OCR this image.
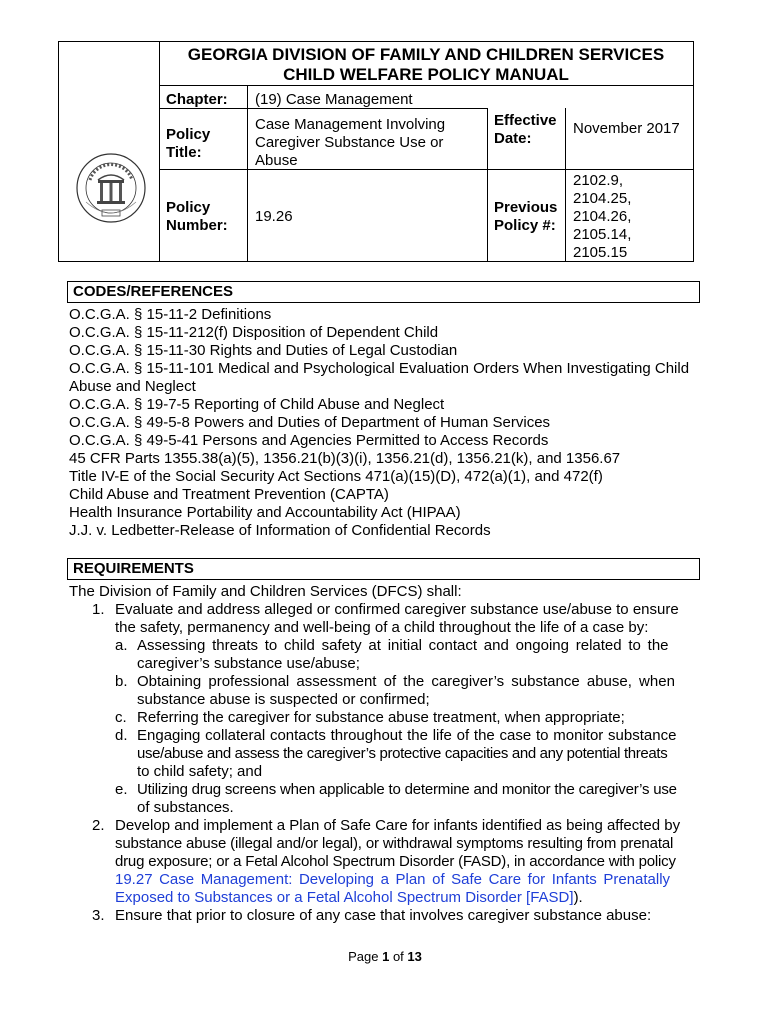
GEORGIA DIVISION OF FAMILY AND CHILDREN SERVICES
CHILD WELFARE POLICY MANUAL
Chapter: (19) Case Management
Policy
Title:
Case Management Involving
Caregiver Substance Use or
Abuse
Effective
Date:
November 2017
Policy
Number:
19.26
Previous
Policy #:
2102.9,
2104.25,
2104.26,
2105.14,
2105.15
CODES/REFERENCES
O.C.G.A. § 15-11-2 Definitions
O.C.G.A. § 15-11-212(f) Disposition of Dependent Child
O.C.G.A. § 15-11-30 Rights and Duties of Legal Custodian
O.C.G.A. § 15-11-101 Medical and Psychological Evaluation Orders When Investigating Child
Abuse and Neglect
O.C.G.A. § 19-7-5 Reporting of Child Abuse and Neglect
O.C.G.A. § 49-5-8 Powers and Duties of Department of Human Services
O.C.G.A. § 49-5-41 Persons and Agencies Permitted to Access Records
45 CFR Parts 1355.38(a)(5), 1356.21(b)(3)(i), 1356.21(d), 1356.21(k), and 1356.67
Title IV-E of the Social Security Act Sections 471(a)(15)(D), 472(a)(1), and 472(f)
Child Abuse and Treatment Prevention (CAPTA)
Health Insurance Portability and Accountability Act (HIPAA)
J.J. v. Ledbetter-Release of Information of Confidential Records
REQUIREMENTS
The Division of Family and Children Services (DFCS) shall:
1. Evaluate and address alleged or confirmed caregiver substance use/abuse to ensure
the safety, permanency and well-being of a child throughout the life of a case by:
a. Assessing threats to child safety at initial contact and ongoing related to the
caregiver’s substance use/abuse;
b. Obtaining professional assessment of the caregiver’s substance abuse, when
substance abuse is suspected or confirmed;
c. Referring the caregiver for substance abuse treatment, when appropriate;
d. Engaging collateral contacts throughout the life of the case to monitor substance
use/abuse and assess the caregiver’s protective capacities and any potential threats
to child safety; and
e. Utilizing drug screens when applicable to determine and monitor the caregiver’s use
of substances.
2. Develop and implement a Plan of Safe Care for infants identified as being affected by
substance abuse (illegal and/or legal), or withdrawal symptoms resulting from prenatal
drug exposure; or a Fetal Alcohol Spectrum Disorder (FASD), in accordance with policy
19.27 Case Management: Developing a Plan of Safe Care for Infants Prenatally
Exposed to Substances or a Fetal Alcohol Spectrum Disorder [FASD]).
3. Ensure that prior to closure of any case that involves caregiver substance abuse:
Page 1 of 13
